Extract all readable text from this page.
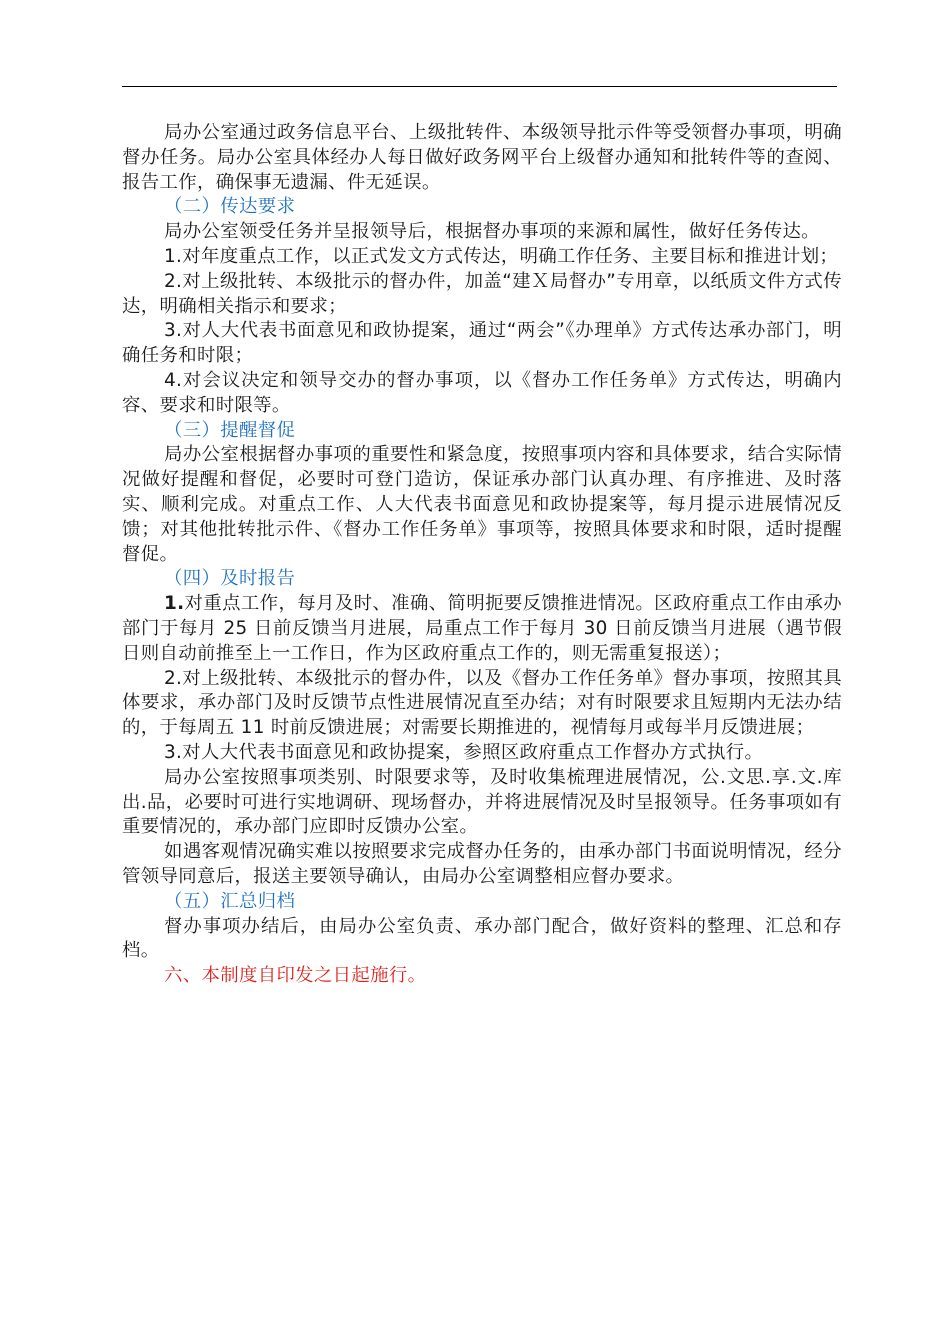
局办公室通过政务信息平台、上级批转件、本级领导批示件等受领督办事项，明确督办任务。局办公室具体经办人每日做好政务网平台上级督办通知和批转件等的查阅、报告工作，确保事无遗漏、件无延误。

（二）传达要求

局办公室领受任务并呈报领导后，根据督办事项的来源和属性，做好任务传达。

1.对年度重点工作，以正式发文方式传达，明确工作任务、主要目标和推进计划；

2.对上级批转、本级批示的督办件，加盖“建Ｘ局督办”专用章，以纸质文件方式传达，明确相关指示和要求；

3.对人大代表书面意见和政协提案，通过“两会”《办理单》方式传达承办部门，明确任务和时限；

4.对会议决定和领导交办的督办事项，以《督办工作任务单》方式传达，明确内容、要求和时限等。

（三）提醒督促

局办公室根据督办事项的重要性和紧急度，按照事项内容和具体要求，结合实际情况做好提醒和督促，必要时可登门造访，保证承办部门认真办理、有序推进、及时落实、顺利完成。对重点工作、人大代表书面意见和政协提案等，每月提示进展情况反馈；对其他批转批示件、《督办工作任务单》事项等，按照具体要求和时限，适时提醒督促。

（四）及时报告

1.对重点工作，每月及时、准确、简明扼要反馈推进情况。区政府重点工作由承办部门于每月 25 日前反馈当月进展，局重点工作于每月 30 日前反馈当月进展（遇节假日则自动前推至上一工作日，作为区政府重点工作的，则无需重复报送）；

2.对上级批转、本级批示的督办件，以及《督办工作任务单》督办事项，按照其具体要求，承办部门及时反馈节点性进展情况直至办结；对有时限要求且短期内无法办结的，于每周五 11 时前反馈进展；对需要长期推进的，视情每月或每半月反馈进展；

3.对人大代表书面意见和政协提案，参照区政府重点工作督办方式执行。

局办公室按照事项类别、时限要求等，及时收集梳理进展情况，公.文思.享.文.库出.品，必要时可进行实地调研、现场督办，并将进展情况及时呈报领导。任务事项如有重要情况的，承办部门应即时反馈办公室。

如遇客观情况确实难以按照要求完成督办任务的，由承办部门书面说明情况，经分管领导同意后，报送主要领导确认，由局办公室调整相应督办要求。

（五）汇总归档

督办事项办结后，由局办公室负责、承办部门配合，做好资料的整理、汇总和存档。

六、本制度自印发之日起施行。
